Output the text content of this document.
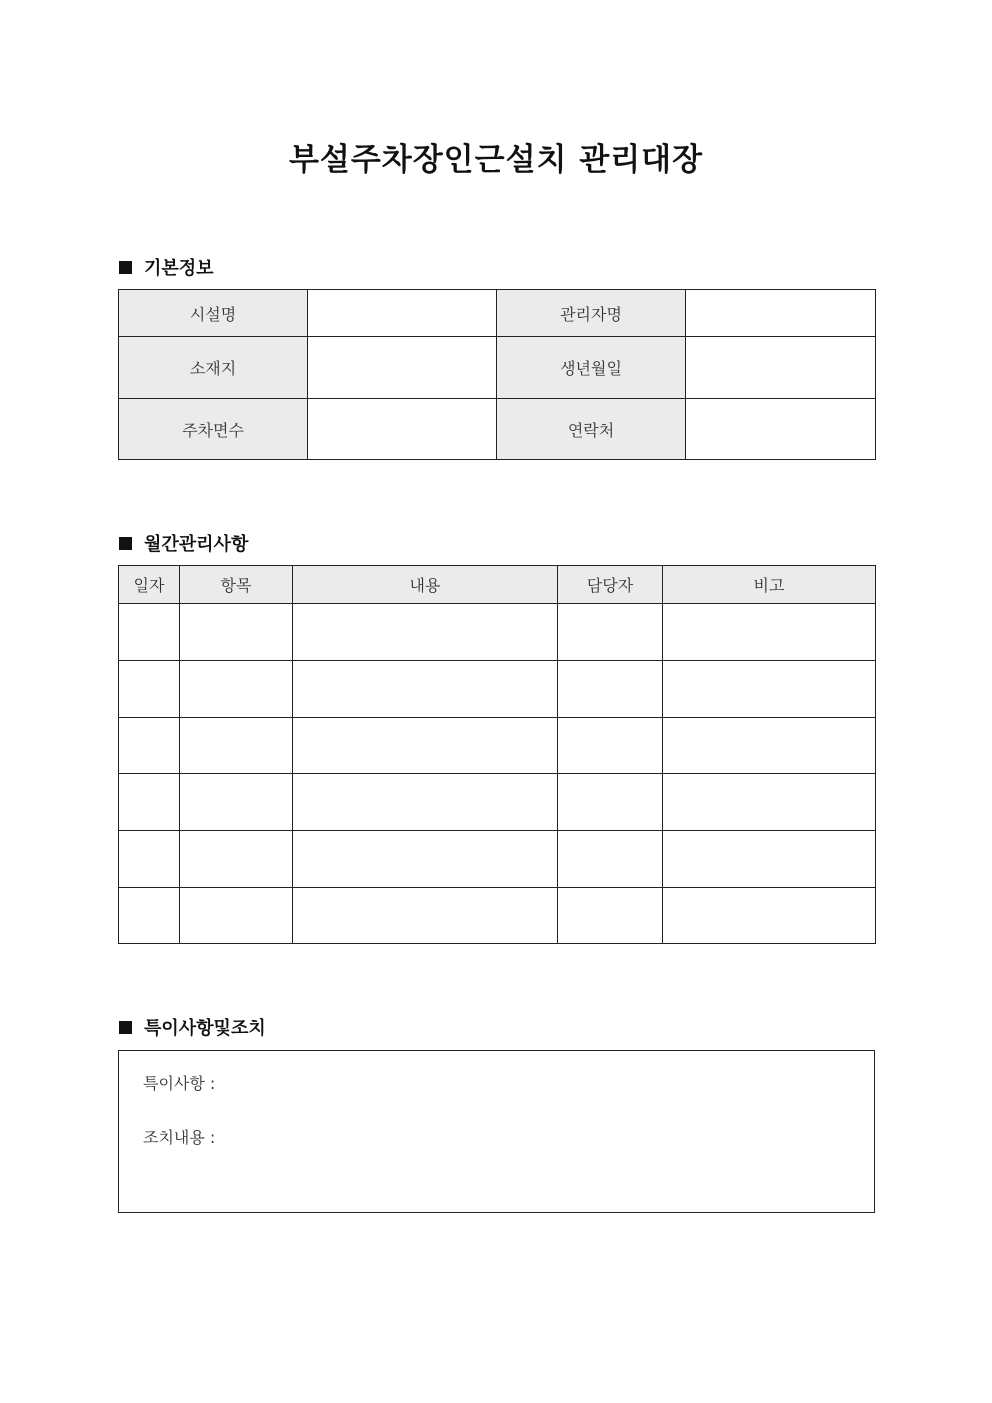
부설주차장인근설치 관리대장
기본정보
시설명		관리자명	
소재지		생년월일	
주차면수		연락처	
월간관리사항
일자	항목	내용	담당자	비고

특이사항및조치
특이사항 :
조치내용 :
